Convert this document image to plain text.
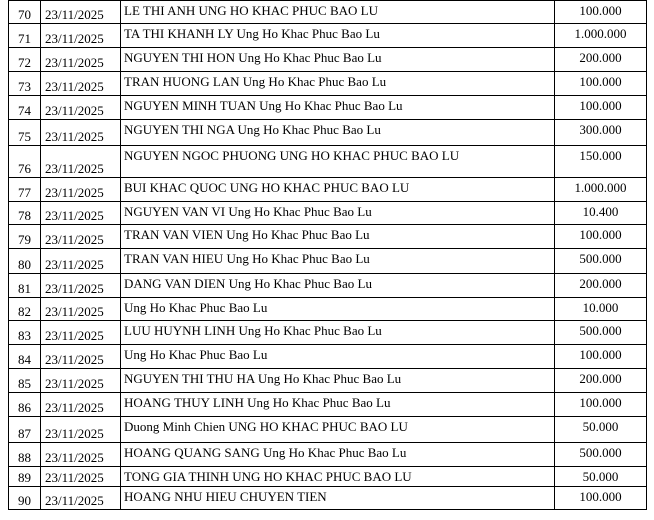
70	23/11/2025	LE THI ANH UNG HO KHAC PHUC BAO LU	100.000
71	23/11/2025	TA THI KHANH LY Ung Ho Khac Phuc Bao Lu	1.000.000
72	23/11/2025	NGUYEN THI HON Ung Ho Khac Phuc Bao Lu	200.000
73	23/11/2025	TRAN HUONG LAN Ung Ho Khac Phuc Bao Lu	100.000
74	23/11/2025	NGUYEN MINH TUAN Ung Ho Khac Phuc Bao Lu	100.000
75	23/11/2025	NGUYEN THI NGA Ung Ho Khac Phuc Bao Lu	300.000
76	23/11/2025	NGUYEN NGOC PHUONG UNG HO KHAC PHUC BAO LU	150.000
77	23/11/2025	BUI KHAC QUOC UNG HO KHAC PHUC BAO LU	1.000.000
78	23/11/2025	NGUYEN VAN VI Ung Ho Khac Phuc Bao Lu	10.400
79	23/11/2025	TRAN VAN VIEN Ung Ho Khac Phuc Bao Lu	100.000
80	23/11/2025	TRAN VAN HIEU Ung Ho Khac Phuc Bao Lu	500.000
81	23/11/2025	DANG VAN DIEN Ung Ho Khac Phuc Bao Lu	200.000
82	23/11/2025	Ung Ho Khac Phuc Bao Lu	10.000
83	23/11/2025	LUU HUYNH LINH Ung Ho Khac Phuc Bao Lu	500.000
84	23/11/2025	Ung Ho Khac Phuc Bao Lu	100.000
85	23/11/2025	NGUYEN THI THU HA Ung Ho Khac Phuc Bao Lu	200.000
86	23/11/2025	HOANG THUY LINH Ung Ho Khac Phuc Bao Lu	100.000
87	23/11/2025	Duong Minh Chien UNG HO KHAC PHUC BAO LU	50.000
88	23/11/2025	HOANG QUANG SANG Ung Ho Khac Phuc Bao Lu	500.000
89	23/11/2025	TONG GIA THINH UNG HO KHAC PHUC BAO LU	50.000
90	23/11/2025	HOANG NHU HIEU CHUYEN TIEN	100.000
